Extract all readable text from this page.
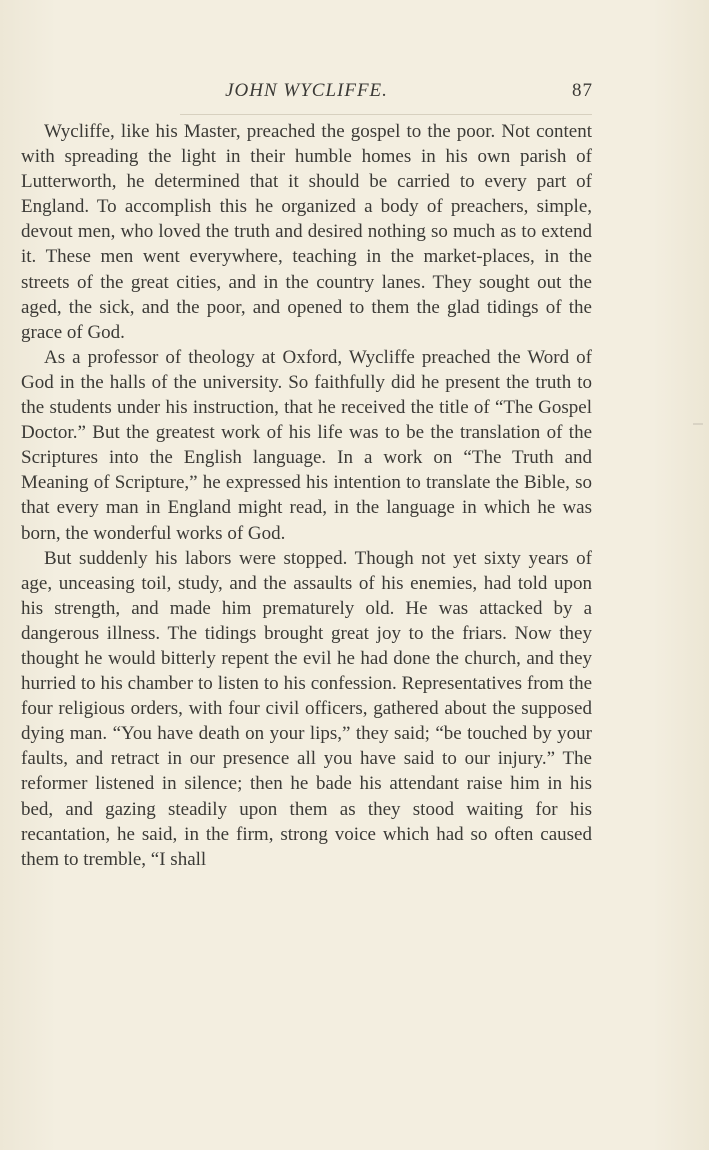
JOHN WYCLIFFE.	87

Wycliffe, like his Master, preached the gospel to the poor. Not content with spreading the light in their humble homes in his own parish of Lutterworth, he determined that it should be carried to every part of England. To accomplish this he organized a body of preachers, simple, devout men, who loved the truth and desired nothing so much as to extend it. These men went everywhere, teaching in the market-places, in the streets of the great cities, and in the country lanes. They sought out the aged, the sick, and the poor, and opened to them the glad tidings of the grace of God.

As a professor of theology at Oxford, Wycliffe preached the Word of God in the halls of the university. So faithfully did he present the truth to the students under his instruction, that he received the title of “The Gospel Doctor.” But the greatest work of his life was to be the translation of the Scriptures into the English language. In a work on “The Truth and Meaning of Scripture,” he expressed his intention to translate the Bible, so that every man in England might read, in the language in which he was born, the wonderful works of God.

But suddenly his labors were stopped. Though not yet sixty years of age, unceasing toil, study, and the assaults of his enemies, had told upon his strength, and made him prematurely old. He was attacked by a dangerous illness. The tidings brought great joy to the friars. Now they thought he would bitterly repent the evil he had done the church, and they hurried to his chamber to listen to his confession. Representatives from the four religious orders, with four civil officers, gathered about the supposed dying man. “You have death on your lips,” they said; “be touched by your faults, and retract in our presence all you have said to our injury.” The reformer listened in silence; then he bade his attendant raise him in his bed, and gazing steadily upon them as they stood waiting for his recantation, he said, in the firm, strong voice which had so often caused them to tremble, “I shall
